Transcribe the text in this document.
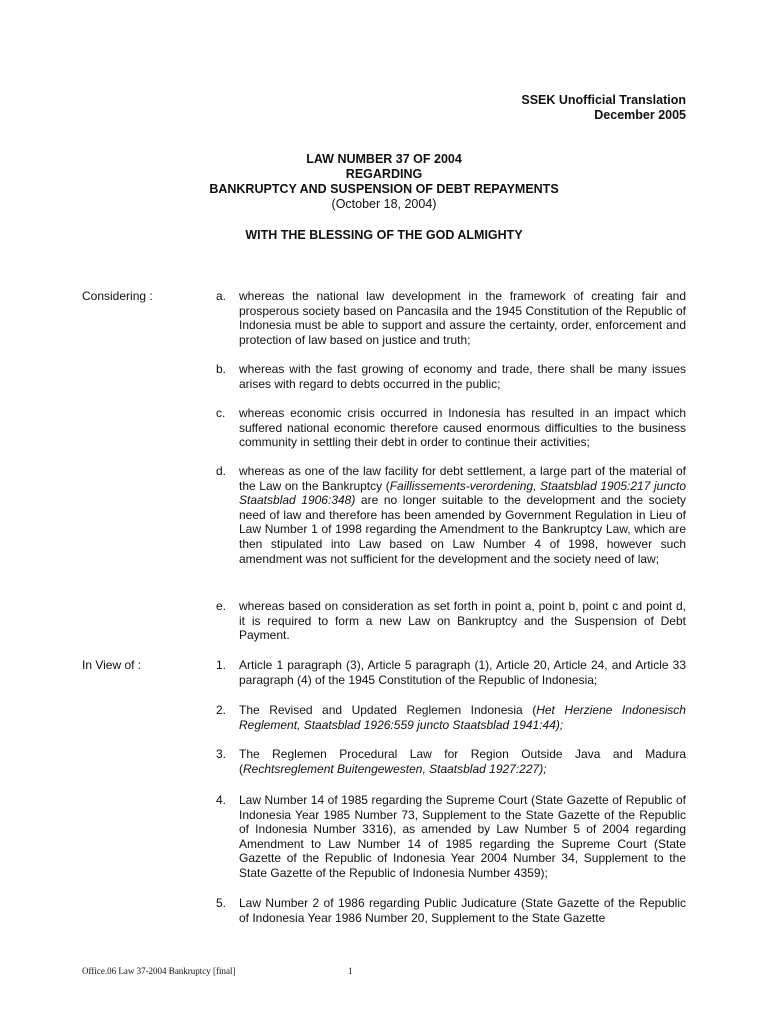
SSEK Unofficial Translation
December 2005
LAW NUMBER 37 OF 2004
REGARDING
BANKRUPTCY AND SUSPENSION OF DEBT REPAYMENTS
(October 18, 2004)
WITH THE BLESSING OF THE GOD ALMIGHTY
Considering :	a.	whereas the national law development in the framework of creating fair and prosperous society based on Pancasila and the 1945 Constitution of the Republic of Indonesia must be able to support and assure the certainty, order, enforcement and protection of law based on justice and truth;
b.	whereas with the fast growing of economy and trade, there shall be many issues arises with regard to debts occurred in the public;
c.	whereas economic crisis occurred in Indonesia has resulted in an impact which suffered national economic therefore caused enormous difficulties to the business community in settling their debt in order to continue their activities;
d.	whereas as one of the law facility for debt settlement, a large part of the material of the Law on the Bankruptcy (Faillissements-verordening, Staatsblad 1905:217 juncto Staatsblad 1906:348) are no longer suitable to the development and the society need of law and therefore has been amended by Government Regulation in Lieu of Law Number 1 of 1998 regarding the Amendment to the Bankruptcy Law, which are then stipulated into Law based on Law Number 4 of 1998, however such amendment was not sufficient for the development and the society need of law;
e.	whereas based on consideration as set forth in point a, point b, point c and point d, it is required to form a new Law on Bankruptcy and the Suspension of Debt Payment.
In View of :	1.	Article 1 paragraph (3), Article 5 paragraph (1), Article 20, Article 24, and Article 33 paragraph (4) of the 1945 Constitution of the Republic of Indonesia;
2.	The Revised and Updated Reglemen Indonesia (Het Herziene Indonesisch Reglement, Staatsblad 1926:559 juncto Staatsblad 1941:44);
3.	The Reglemen Procedural Law for Region Outside Java and Madura (Rechtsreglement Buitengewesten, Staatsblad 1927:227);
4.	Law Number 14 of 1985 regarding the Supreme Court (State Gazette of Republic of Indonesia Year 1985 Number 73, Supplement to the State Gazette of the Republic of Indonesia Number 3316), as amended by Law Number 5 of 2004 regarding Amendment to Law Number 14 of 1985 regarding the Supreme Court (State Gazette of the Republic of Indonesia Year 2004 Number 34, Supplement to the State Gazette of the Republic of Indonesia Number 4359);
5.	Law Number 2 of 1986 regarding Public Judicature (State Gazette of the Republic of Indonesia Year 1986 Number 20, Supplement to the State Gazette
Office.06 Law 37-2004 Bankruptcy [final]	1
